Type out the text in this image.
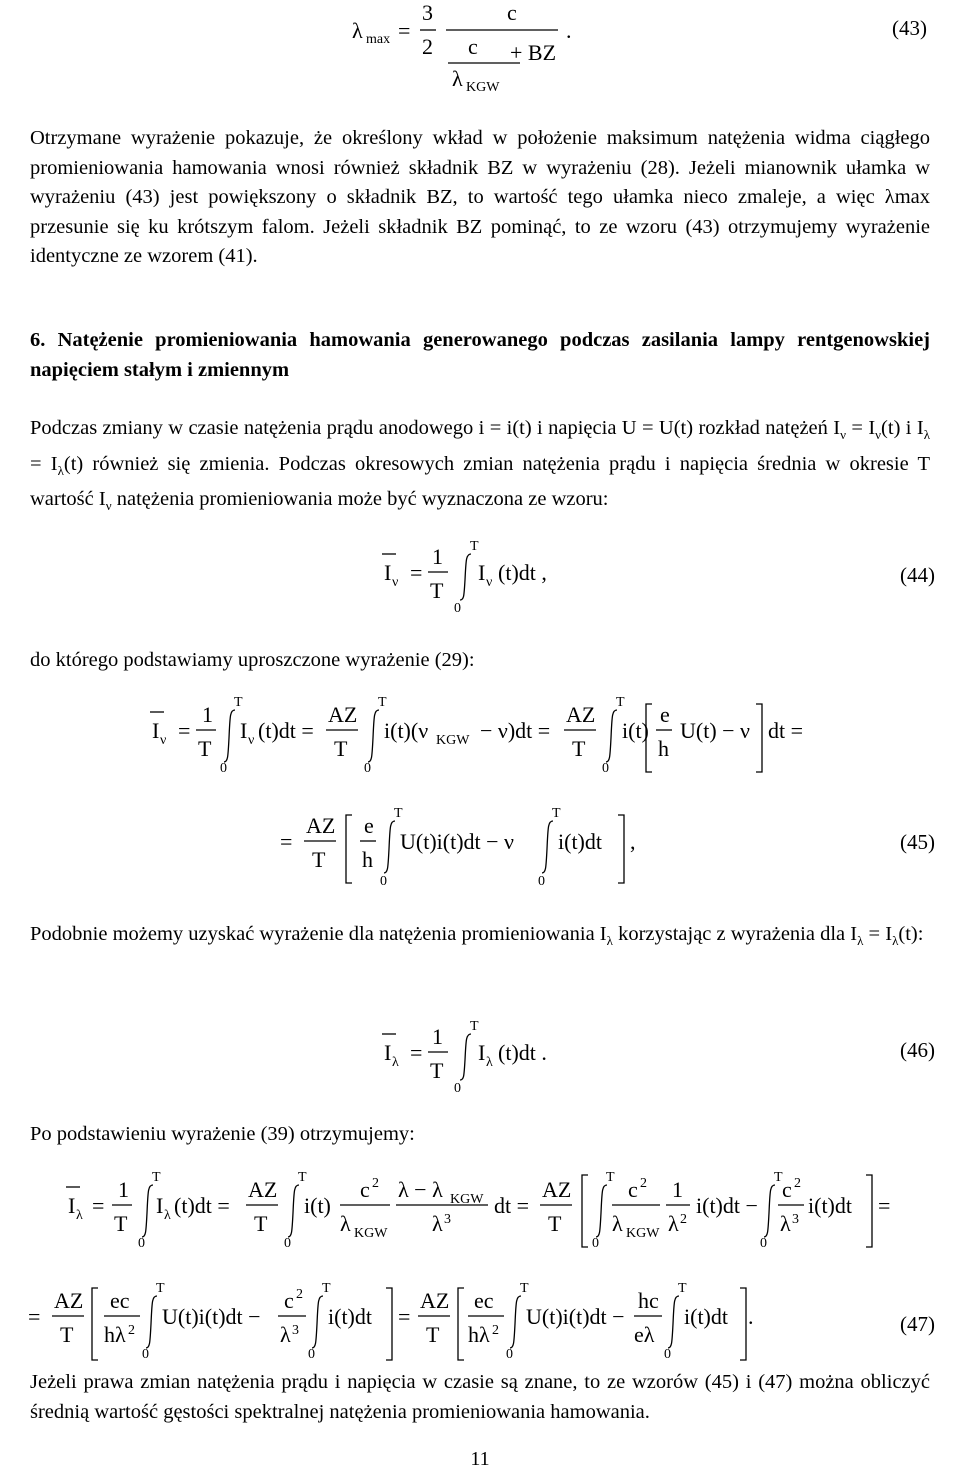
λ max =
3
2
c
c
λ KGW
+ BZ
.	(43)

Otrzymane wyrażenie pokazuje, że określony wkład w położenie maksimum natężenia widma ciągłego promieniowania hamowania wnosi również składnik BZ w wyrażeniu (28). Jeżeli mianownik ułamka w wyrażeniu (43) jest powiększony o składnik BZ, to wartość tego ułamka nieco zmaleje, a więc λmax przesunie się ku krótszym falom. Jeżeli składnik BZ pominąć, to ze wzoru (43) otrzymujemy wyrażenie identyczne ze wzorem (41).

6. Natężenie promieniowania hamowania generowanego podczas zasilania lampy rentgenowskiej napięciem stałym i zmiennym

Podczas zmiany w czasie natężenia prądu anodowego i = i(t) i napięcia U = U(t) rozkład natężeń $I_\nu = I_\nu(t)$ i $I_\lambda = I_\lambda(t)$ również się zmienia. Podczas okresowych zmian natężenia prądu i napięcia średnia w okresie T wartość $I_\nu$ natężenia promieniowania może być wyznaczona ze wzoru:

I ν =
1
T
T
0
I ν (t)dt ,	(44)

do którego podstawiamy uproszczone wyrażenie (29):

I ν =
1
T
T
0
I ν (t)dt =
AZ
T
T
0
i(t)(ν KGW − ν)dt =
AZ
T
T
0
i(t)
e
h
U(t) − ν dt =
=
AZ
T
e
h
T
0
U(t)i(t)dt − ν
T
0
i(t)dt ,	(45)

Podobnie możemy uzyskać wyrażenie dla natężenia promieniowania $I_\lambda$ korzystając z wyrażenia dla $I_\lambda = I_\lambda(t)$:

I λ =
1
T
T
0
I λ (t)dt .	(46)

Po podstawieniu wyrażenie (39) otrzymujemy:

I λ =
1
T
T
0
I λ (t)dt =
AZ
T
T
0
i(t)
c 2
λ KGW
λ − λ KGW
λ 3
dt =
AZ
T
T
0
c 2
λ KGW
1
λ 2
i(t)dt −
T
0
c 2
λ 3
i(t)dt =
=
AZ
T
ec
hλ 2
T
0
U(t)i(t)dt −
c 2
λ 3
T
0
i(t)dt =
AZ
T
ec
hλ 2
T
0
U(t)i(t)dt −
hc
eλ
T
0
i(t)dt .	(47)

Jeżeli prawa zmian natężenia prądu i napięcia w czasie są znane, to ze wzorów (45) i (47) można obliczyć średnią wartość gęstości spektralnej natężenia promieniowania hamowania.

11
